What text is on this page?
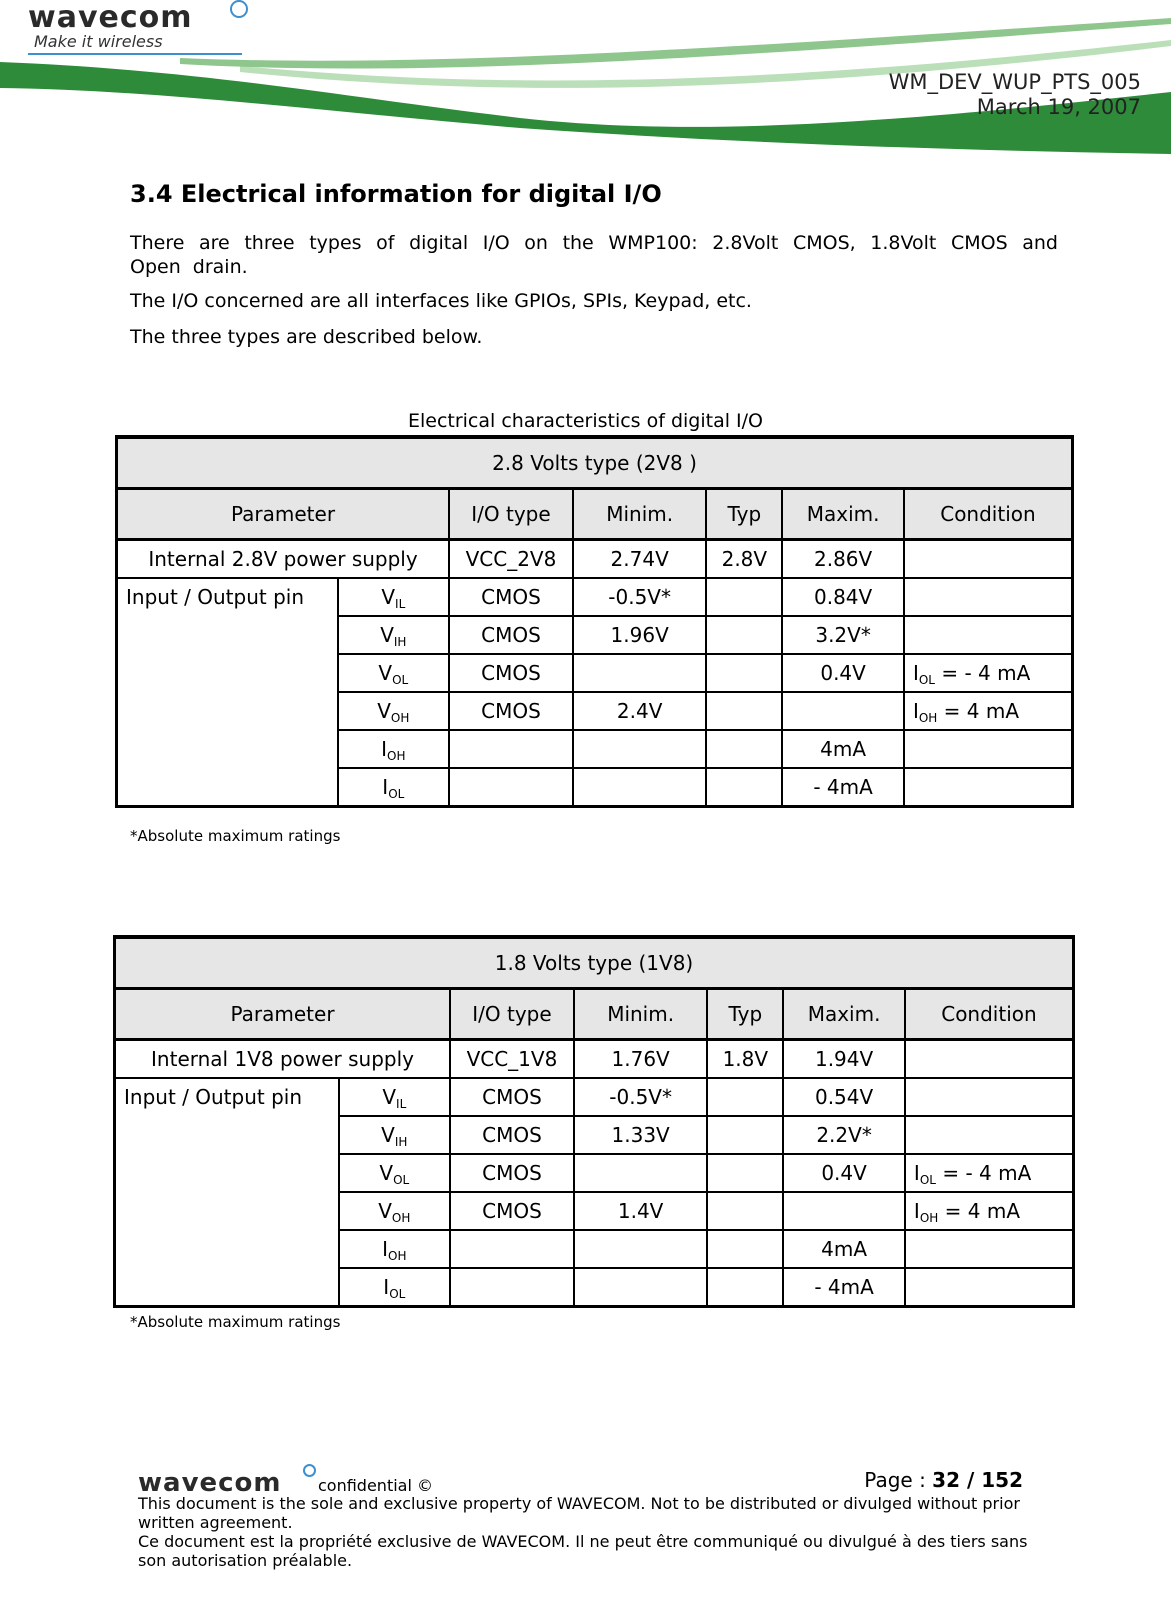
wavecom
Make it wireless
WM_DEV_WUP_PTS_005
March 19, 2007
3.4 Electrical information for digital I/O

There are three types of digital I/O on the WMP100: 2.8Volt CMOS, 1.8Volt CMOS and Open drain.

The I/O concerned are all interfaces like GPIOs, SPIs, Keypad, etc.

The three types are described below.

Electrical characteristics of digital I/O
2.8 Volts type (2V8 )						
Parameter		I/O type	Minim.	Typ	Maxim.	Condition
Internal 2.8V power supply		VCC_2V8	2.74V	2.8V	2.86V	
Input / Output pin	$V_{IL}$	CMOS	-0.5V*		0.84V	
	$V_{IH}$	CMOS	1.96V		3.2V*	
	$V_{OL}$	CMOS			0.4V	$I_{OL}$ = - 4 mA
	$V_{OH}$	CMOS	2.4V			$I_{OH} = 4$ mA
	$I_{OH}$				4mA	
	$I_{OL}$				- 4mA	
*Absolute maximum ratings
1.8 Volts type (1V8)						
Parameter		I/O type	Minim.	Typ	Maxim.	Condition
Internal 1V8 power supply		VCC_1V8	1.76V	1.8V	1.94V	
Input / Output pin	$V_{IL}$	CMOS	-0.5V*		0.54V	
	$V_{IH}$	CMOS	1.33V		2.2V*	
	$V_{OL}$	CMOS			0.4V	$I_{OL}$ = - 4 mA
	$V_{OH}$	CMOS	1.4V			$I_{OH} = 4$ mA
	$I_{OH}$				4mA	
	$I_{OL}$				- 4mA	
*Absolute maximum ratings
wavecom confidential ©	Page : 32 / 152

This document is the sole and exclusive property of WAVECOM. Not to be distributed or divulged without prior written agreement.

Ce document est la propriété exclusive de WAVECOM. Il ne peut être communiqué ou divulgué à des tiers sans son autorisation préalable.
